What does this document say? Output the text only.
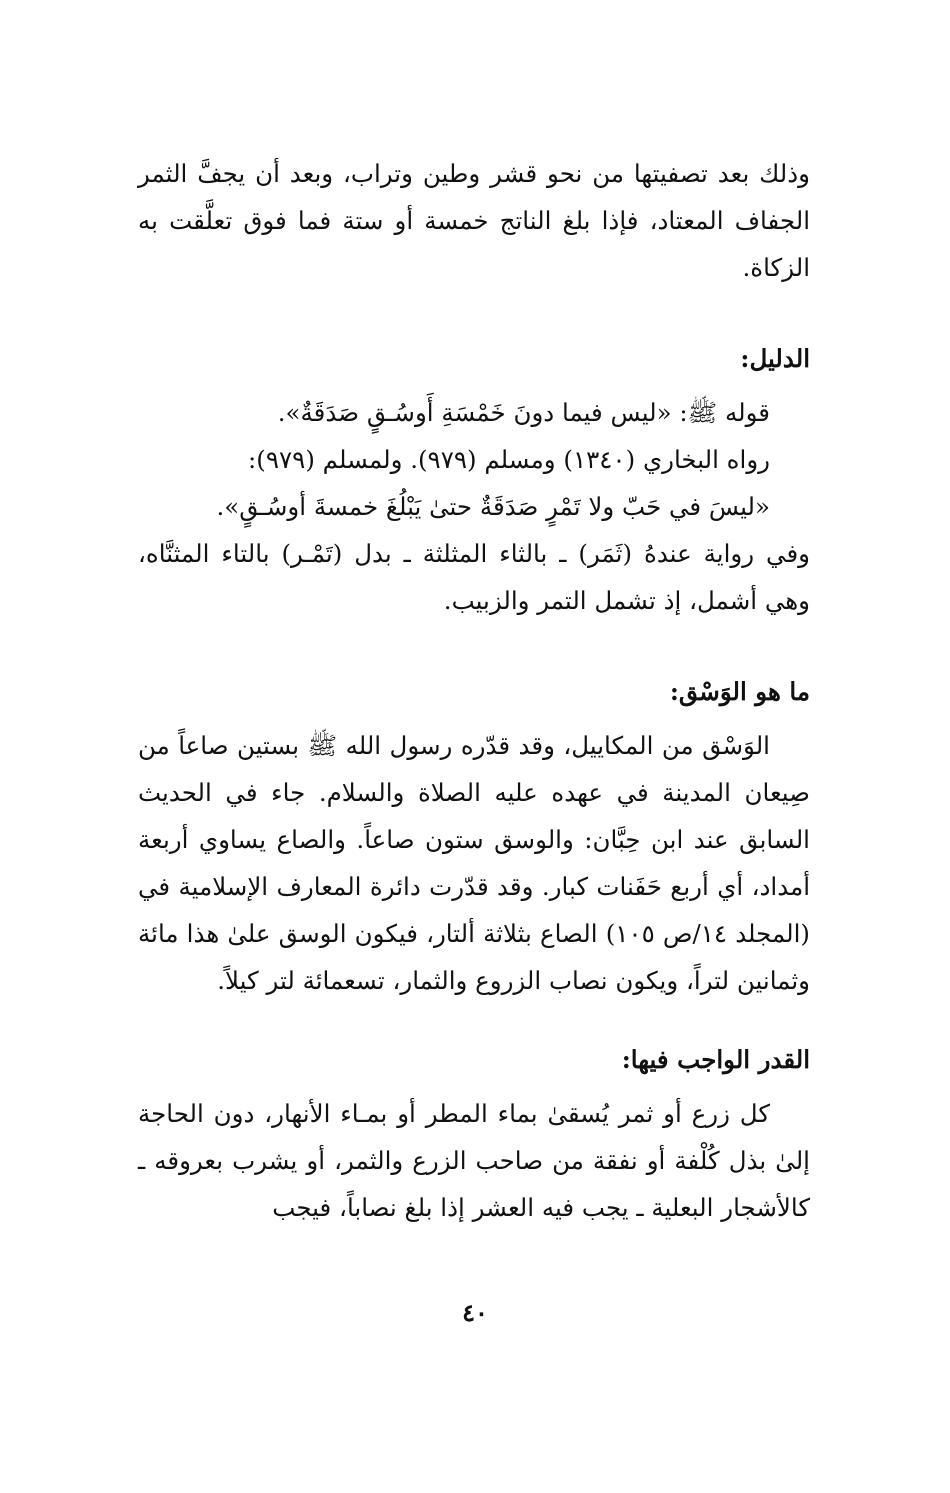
وذلك بعد تصفيتها من نحو قشر وطين وتراب، وبعد أن يجفَّ الثمر الجفاف المعتاد، فإذا بلغ الناتج خمسة أو ستة فما فوق تعلَّقت به الزكاة.

الدليل:

قوله ﷺ: «ليس فيما دونَ خَمْسَةِ أَوسُـقٍ صَدَقَةٌ».

رواه البخاري (١٣٤٠) ومسلم (٩٧٩). ولمسلم (٩٧٩):

«ليسَ في حَبّ ولا تَمْرٍ صَدَقَةٌ حتىٰ يَبْلُغَ خمسةَ أوسُـقٍ».

وفي رواية عندهُ (ثَمَر) ـ بالثاء المثلثة ـ بدل (تَمْـر) بالتاء المثنَّاه، وهي أشمل، إذ تشمل التمر والزبيب.

ما هو الوَسْق:

الوَسْق من المكاييل، وقد قدّره رسول الله ﷺ بستين صاعاً من صِيعان المدينة في عهده عليه الصلاة والسلام. جاء في الحديث السابق عند ابن حِبَّان: والوسق ستون صاعاً. والصاع يساوي أربعة أمداد، أي أربع حَفَنات كبار. وقد قدّرت دائرة المعارف الإسلامية في (المجلد ١٤/ص ١٠٥) الصاع بثلاثة ألتار، فيكون الوسق علىٰ هذا مائة وثمانين لتراً، ويكون نصاب الزروع والثمار، تسعمائة لتر كيلاً.

القدر الواجب فيها:

كل زرع أو ثمر يُسقىٰ بماء المطر أو بمـاء الأنهار، دون الحاجة إلىٰ بذل كُلْفة أو نفقة من صاحب الزرع والثمر، أو يشرب بعروقه ـ كالأشجار البعلية ـ يجب فيه العشر إذا بلغ نصاباً، فيجب

٤٠
